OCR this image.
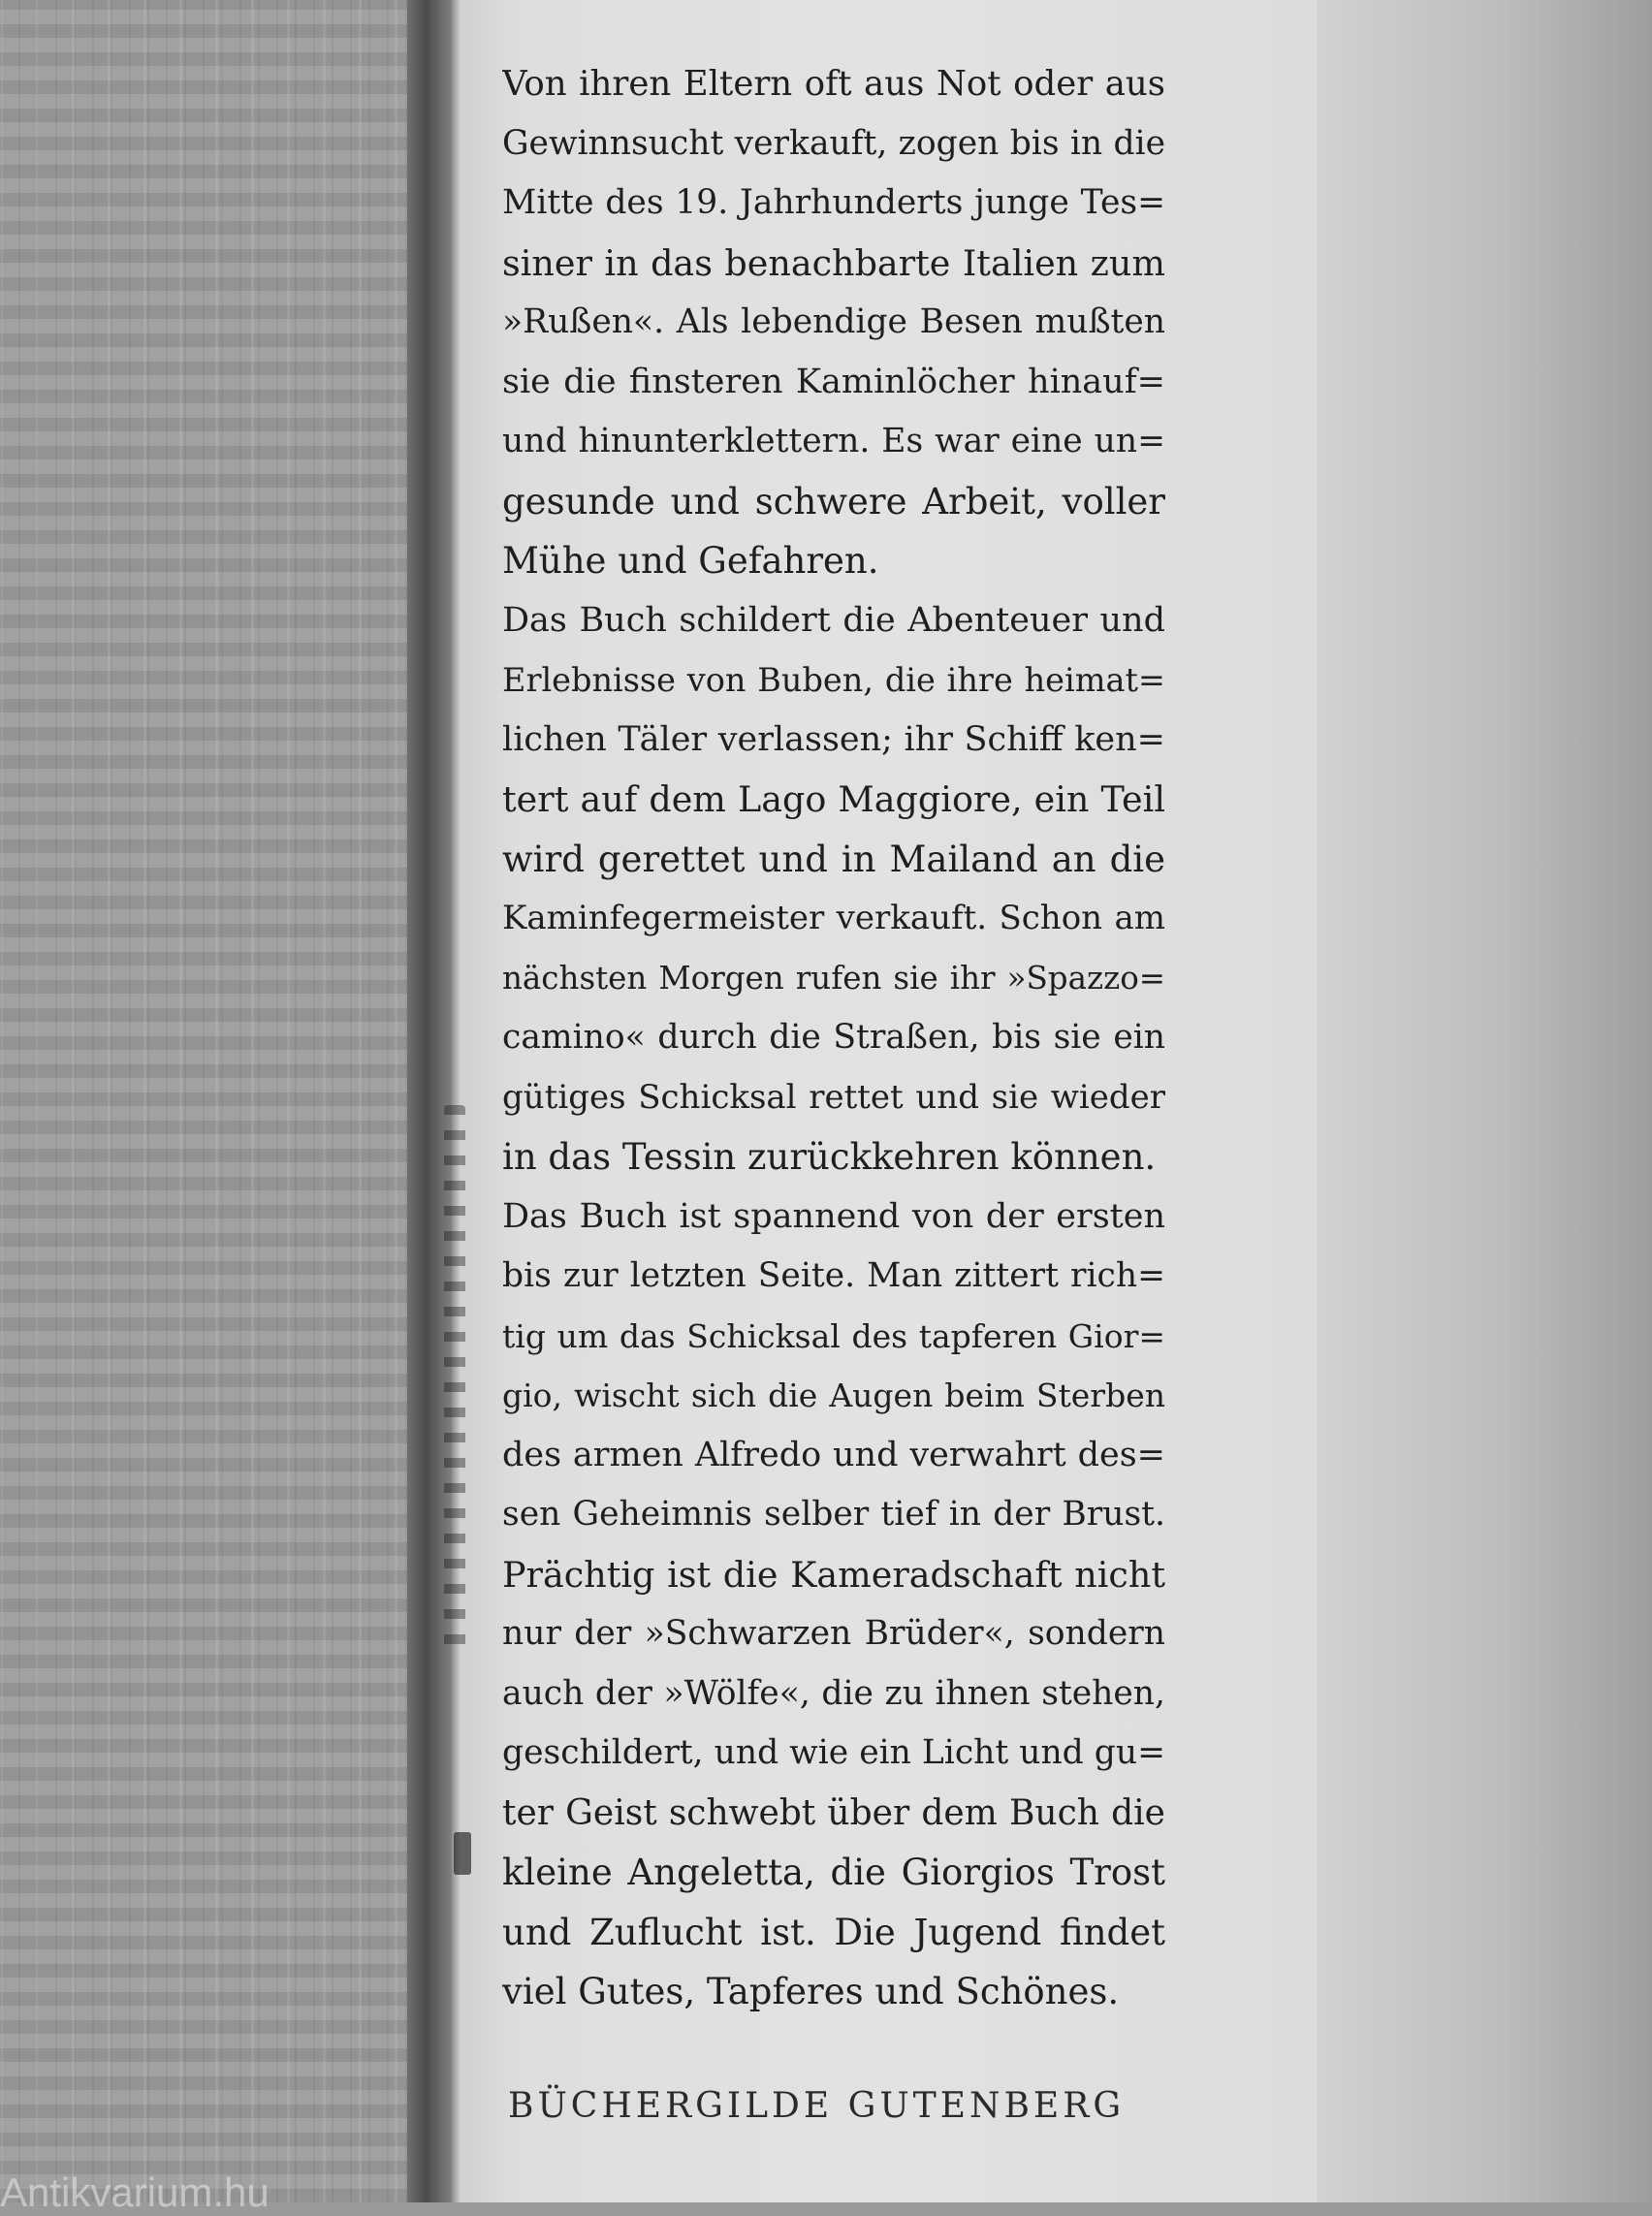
Von ihren Eltern oft aus Not oder aus
Gewinnsucht verkauft, zogen bis in die
Mitte des 19. Jahrhunderts junge Tes=
siner in das benachbarte Italien zum
»Rußen«. Als lebendige Besen mußten
sie die finsteren Kaminlöcher hinauf=
und hinunterklettern. Es war eine un=
gesunde und schwere Arbeit, voller
Mühe und Gefahren.
Das Buch schildert die Abenteuer und
Erlebnisse von Buben, die ihre heimat=
lichen Täler verlassen; ihr Schiff ken=
tert auf dem Lago Maggiore, ein Teil
wird gerettet und in Mailand an die
Kaminfegermeister verkauft. Schon am
nächsten Morgen rufen sie ihr »Spazzo=
camino« durch die Straßen, bis sie ein
gütiges Schicksal rettet und sie wieder
in das Tessin zurückkehren können.
Das Buch ist spannend von der ersten
bis zur letzten Seite. Man zittert rich=
tig um das Schicksal des tapferen Gior=
gio, wischt sich die Augen beim Sterben
des armen Alfredo und verwahrt des=
sen Geheimnis selber tief in der Brust.
Prächtig ist die Kameradschaft nicht
nur der »Schwarzen Brüder«, sondern
auch der »Wölfe«, die zu ihnen stehen,
geschildert, und wie ein Licht und gu=
ter Geist schwebt über dem Buch die
kleine Angeletta, die Giorgios Trost
und Zuflucht ist. Die Jugend findet
viel Gutes, Tapferes und Schönes.
BÜCHERGILDE GUTENBERG
Antikvarium.hu
